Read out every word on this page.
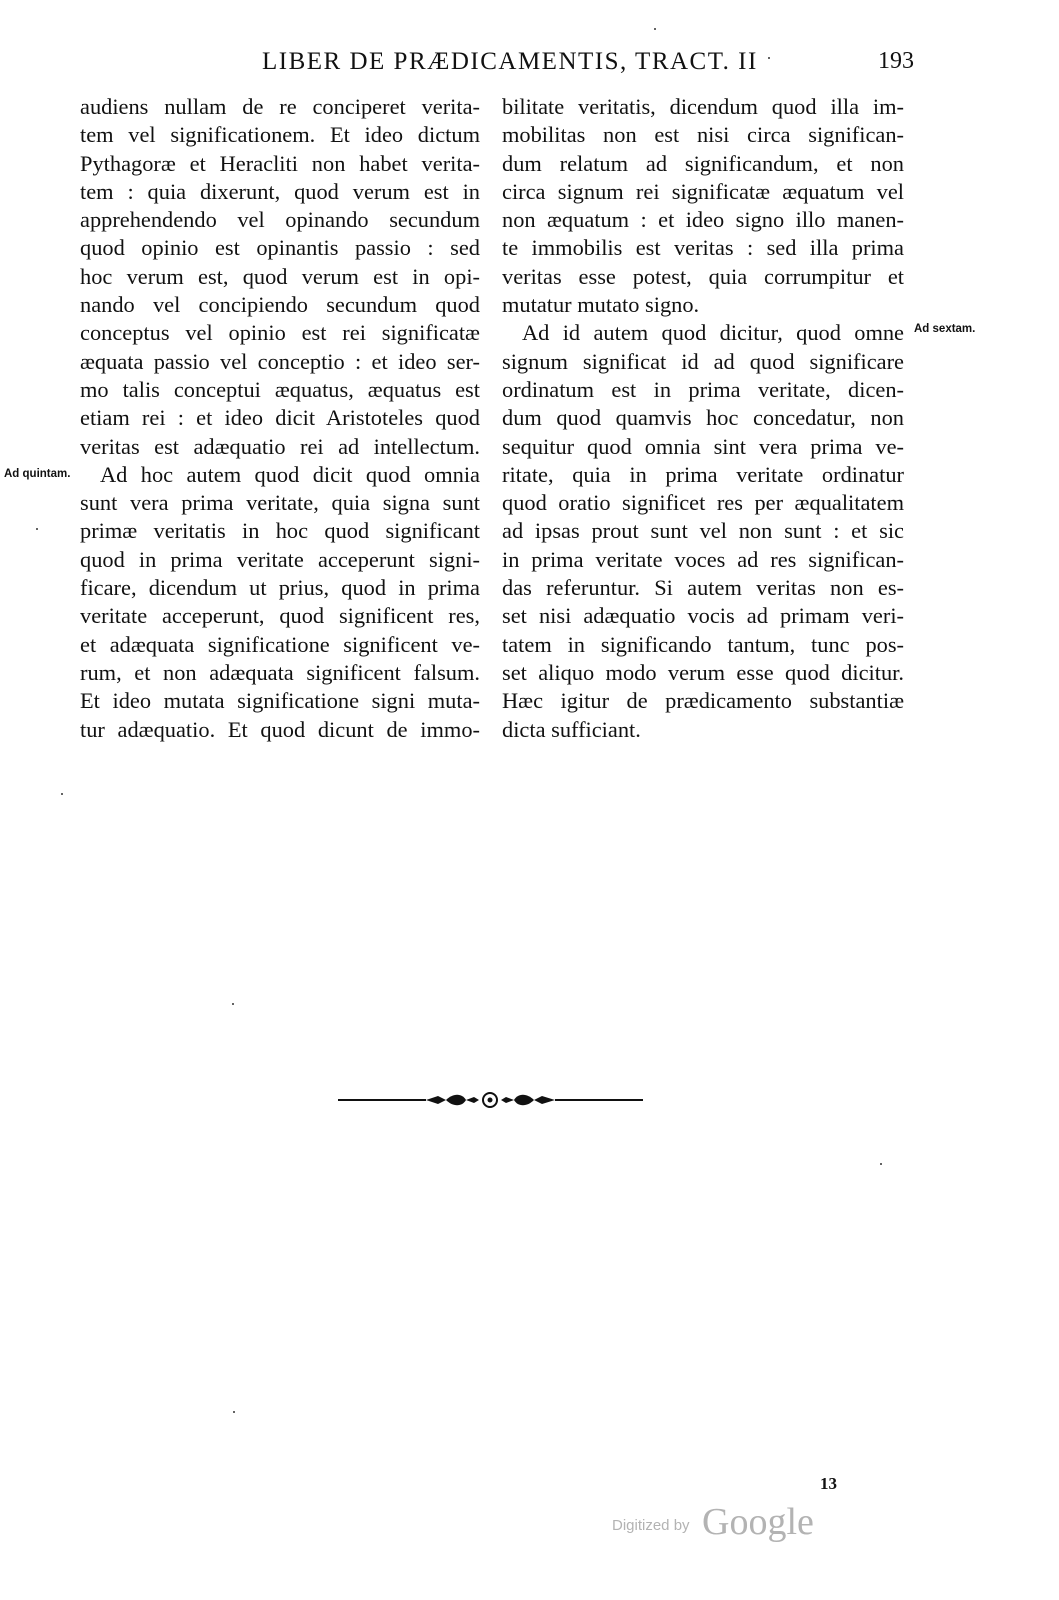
LIBER DE PRÆDICAMENTIS, TRACT. II	193
Ad quintam.
Ad sextam.
audiens nullam de re conciperet verita-
tem vel significationem. Et ideo dictum
Pythagoræ et Heracliti non habet verita-
tem : quia dixerunt, quod verum est in
apprehendendo vel opinando secundum
quod opinio est opinantis passio : sed
hoc verum est, quod verum est in opi-
nando vel concipiendo secundum quod
conceptus vel opinio est rei significatæ
æquata passio vel conceptio : et ideo ser-
mo talis conceptui æquatus, æquatus est
etiam rei : et ideo dicit Aristoteles quod
veritas est adæquatio rei ad intellectum.
Ad hoc autem quod dicit quod omnia
sunt vera prima veritate, quia signa sunt
primæ veritatis in hoc quod significant
quod in prima veritate acceperunt signi-
ficare, dicendum ut prius, quod in prima
veritate acceperunt, quod significent res,
et adæquata significatione significent ve-
rum, et non adæquata significent falsum.
Et ideo mutata significatione signi muta-
tur adæquatio. Et quod dicunt de immo-
bilitate veritatis, dicendum quod illa im-
mobilitas non est nisi circa significan-
dum relatum ad significandum, et non
circa signum rei significatæ æquatum vel
non æquatum : et ideo signo illo manen-
te immobilis est veritas : sed illa prima
veritas esse potest, quia corrumpitur et
mutatur mutato signo.
Ad id autem quod dicitur, quod omne
signum significat id ad quod significare
ordinatum est in prima veritate, dicen-
dum quod quamvis hoc concedatur, non
sequitur quod omnia sint vera prima ve-
ritate, quia in prima veritate ordinatur
quod oratio significet res per æqualitatem
ad ipsas prout sunt vel non sunt : et sic
in prima veritate voces ad res significan-
das referuntur. Si autem veritas non es-
set nisi adæquatio vocis ad primam veri-
tatem in significando tantum, tunc pos-
set aliquo modo verum esse quod dicitur.
Hæc igitur de prædicamento substantiæ
dicta sufficiant.
13
Digitized by Google
